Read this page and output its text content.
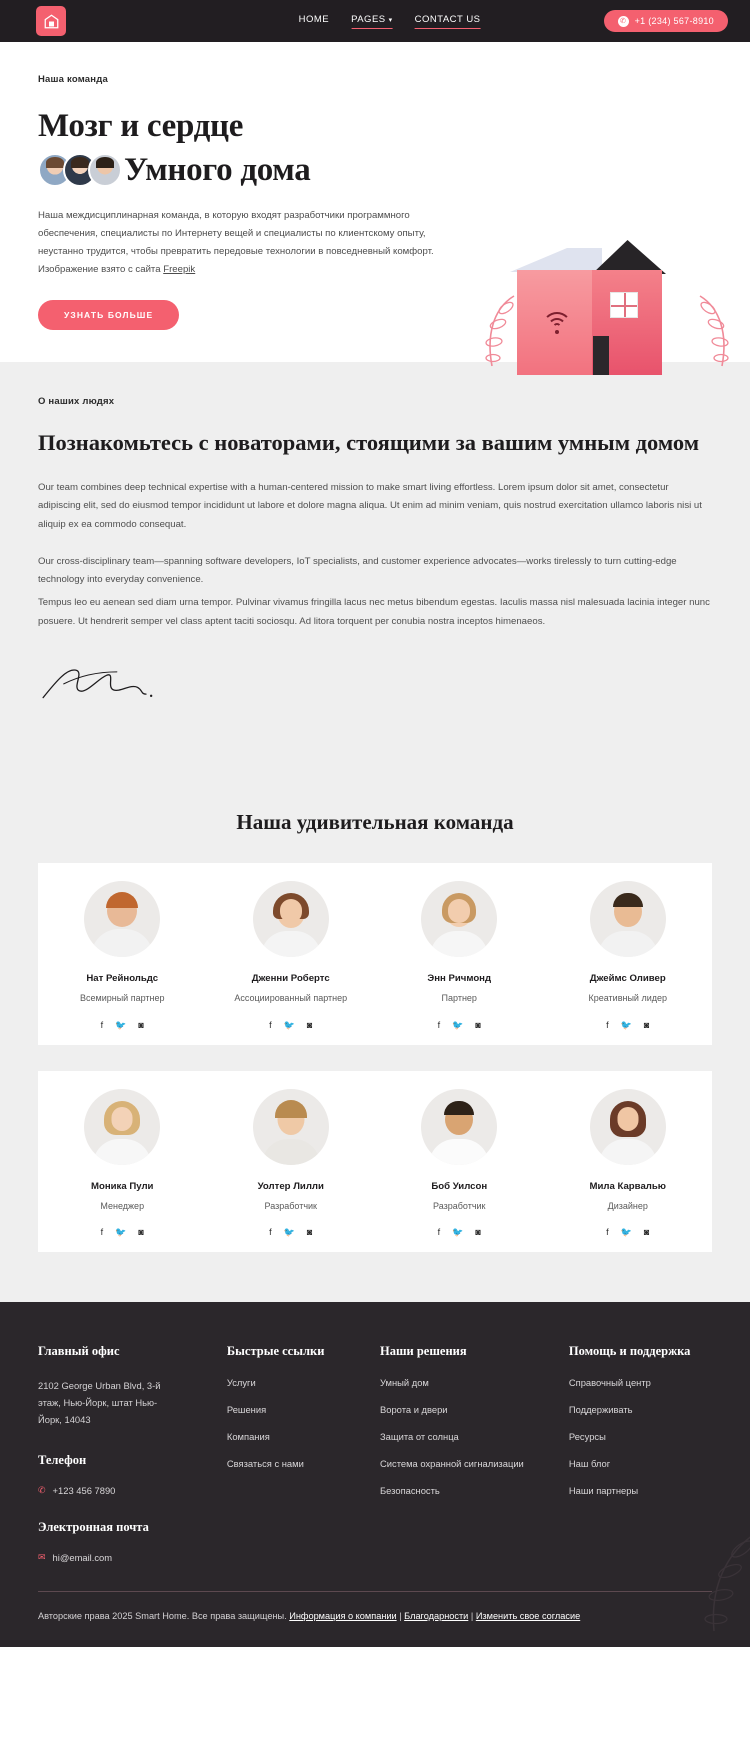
HOME PAGES ▾ CONTACT US	✆ +1 (234) 567-8910
Наша команда
Мозг и сердце
Умного дома

Наша междисциплинарная команда, в которую входят разработчики программного обеспечения, специалисты по Интернету вещей и специалисты по клиентскому опыту, неустанно трудится, чтобы превратить передовые технологии в повседневный комфорт. Изображение взято с сайта Freepik

УЗНАТЬ БОЛЬШЕ
О наших людях
Познакомьтесь с новаторами, стоящими за вашим умным домом

Our team combines deep technical expertise with a human-centered mission to make smart living effortless. Lorem ipsum dolor sit amet, consectetur adipiscing elit, sed do eiusmod tempor incididunt ut labore et dolore magna aliqua. Ut enim ad minim veniam, quis nostrud exercitation ullamco laboris nisi ut aliquip ex ea commodo consequat.

Our cross-disciplinary team—spanning software developers, IoT specialists, and customer experience advocates—works tirelessly to turn cutting-edge technology into everyday convenience.

Tempus leo eu aenean sed diam urna tempor. Pulvinar vivamus fringilla lacus nec metus bibendum egestas. Iaculis massa nisl malesuada lacinia integer nunc posuere. Ut hendrerit semper vel class aptent taciti sociosqu. Ad litora torquent per conubia nostra inceptos himenaeos.

Наша удивительная команда
Нат Рейнольдс
Всемирный партнер
f 🐦 ◙
Дженни Робертс
Ассоциированный партнер
f 🐦 ◙
Энн Ричмонд
Партнер
f 🐦 ◙
Джеймс Оливер
Креативный лидер
f 🐦 ◙
Моника Пули
Менеджер
f 🐦 ◙
Уолтер Лилли
Разработчик
f 🐦 ◙
Боб Уилсон
Разработчик
f 🐦 ◙
Мила Карвалью
Дизайнер
f 🐦 ◙
Главный офис
2102 George Urban Blvd, 3-й этаж, Нью-Йорк, штат Нью-Йорк, 14043
Телефон
✆ +123 456 7890
Электронная почта
✉ hi@email.com
Быстрые ссылки
Услуги
Решения
Компания
Связаться с нами
Наши решения
Умный дом
Ворота и двери
Защита от солнца
Система охранной сигнализации
Безопасность
Помощь и поддержка
Справочный центр
Поддерживать
Ресурсы
Наш блог
Наши партнеры
Авторские права 2025 Smart Home. Все права защищены. Информация о компании | Благодарности | Изменить свое согласие
